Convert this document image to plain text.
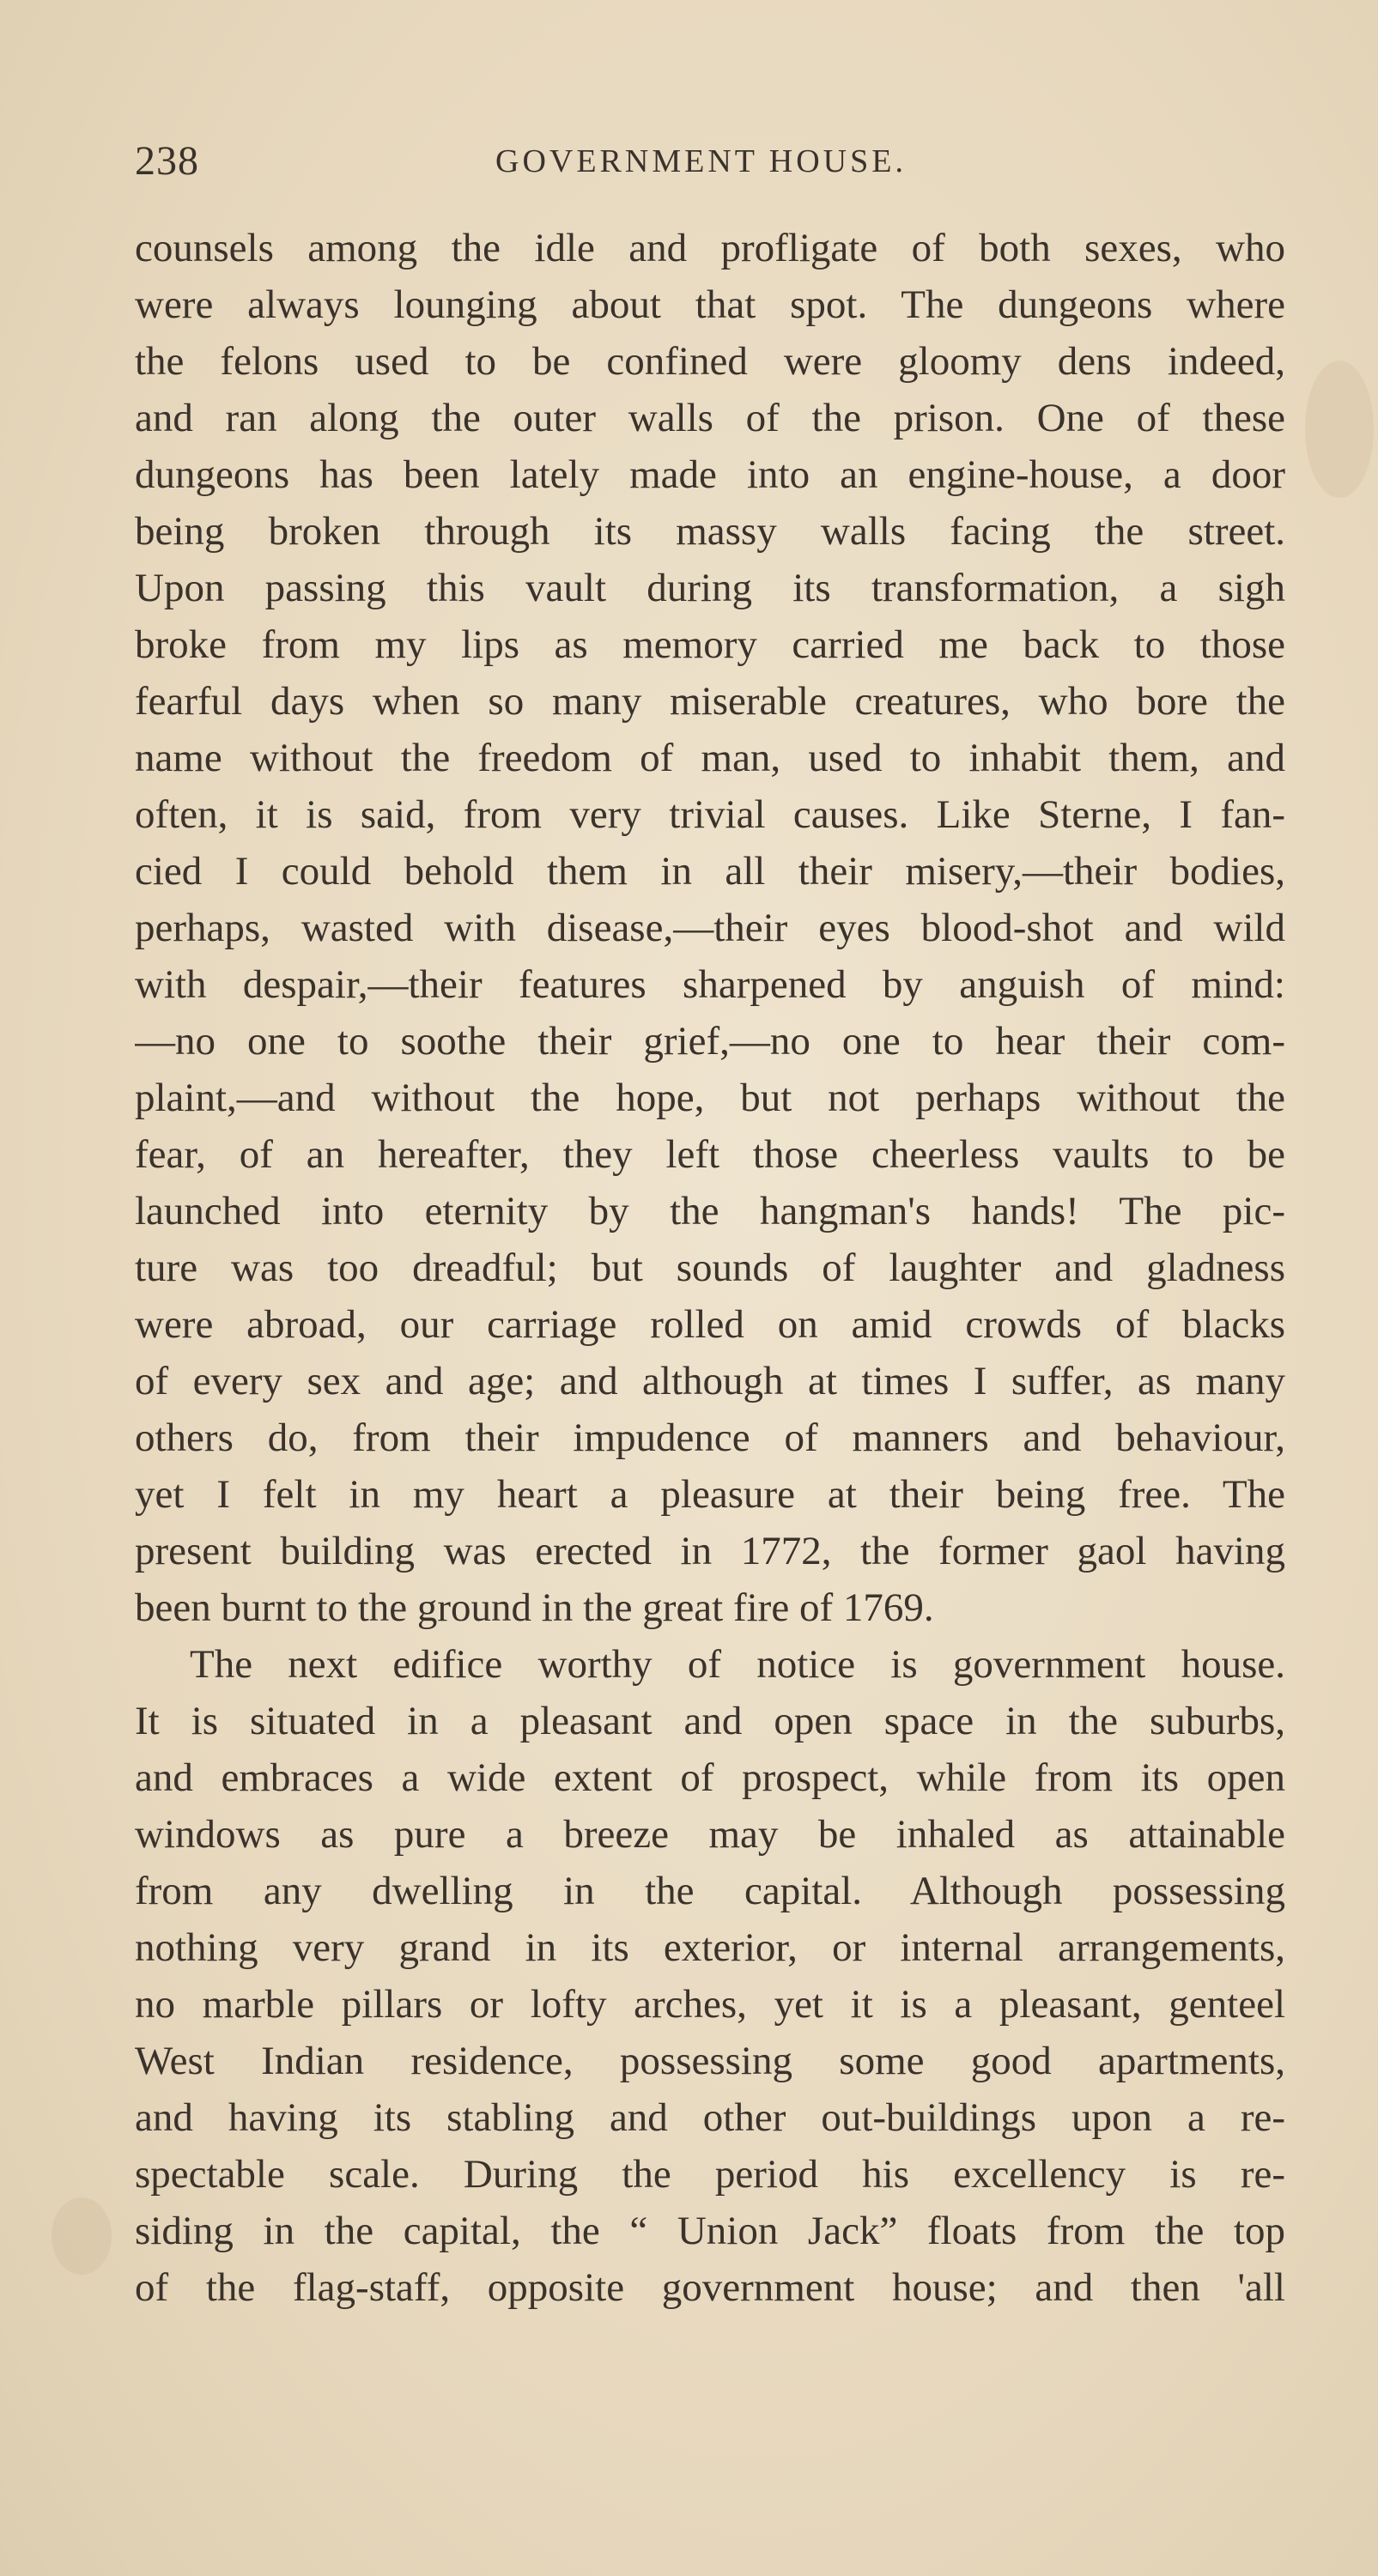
238	GOVERNMENT HOUSE.
counsels among the idle and profligate of both sexes, who
were always lounging about that spot. The dungeons where
the felons used to be confined were gloomy dens indeed,
and ran along the outer walls of the prison. One of these
dungeons has been lately made into an engine-house, a door
being broken through its massy walls facing the street.
Upon passing this vault during its transformation, a sigh
broke from my lips as memory carried me back to those
fearful days when so many miserable creatures, who bore the
name without the freedom of man, used to inhabit them, and
often, it is said, from very trivial causes. Like Sterne, I fan-
cied I could behold them in all their misery,—their bodies,
perhaps, wasted with disease,—their eyes blood-shot and wild
with despair,—their features sharpened by anguish of mind:
—no one to soothe their grief,—no one to hear their com-
plaint,—and without the hope, but not perhaps without the
fear, of an hereafter, they left those cheerless vaults to be
launched into eternity by the hangman's hands! The pic-
ture was too dreadful; but sounds of laughter and gladness
were abroad, our carriage rolled on amid crowds of blacks
of every sex and age; and although at times I suffer, as many
others do, from their impudence of manners and behaviour,
yet I felt in my heart a pleasure at their being free. The
present building was erected in 1772, the former gaol having
been burnt to the ground in the great fire of 1769.
The next edifice worthy of notice is government house.
It is situated in a pleasant and open space in the suburbs,
and embraces a wide extent of prospect, while from its open
windows as pure a breeze may be inhaled as attainable
from any dwelling in the capital. Although possessing
nothing very grand in its exterior, or internal arrangements,
no marble pillars or lofty arches, yet it is a pleasant, genteel
West Indian residence, possessing some good apartments,
and having its stabling and other out-buildings upon a re-
spectable scale. During the period his excellency is re-
siding in the capital, the “ Union Jack” floats from the top
of the flag-staff, opposite government house; and then 'all
